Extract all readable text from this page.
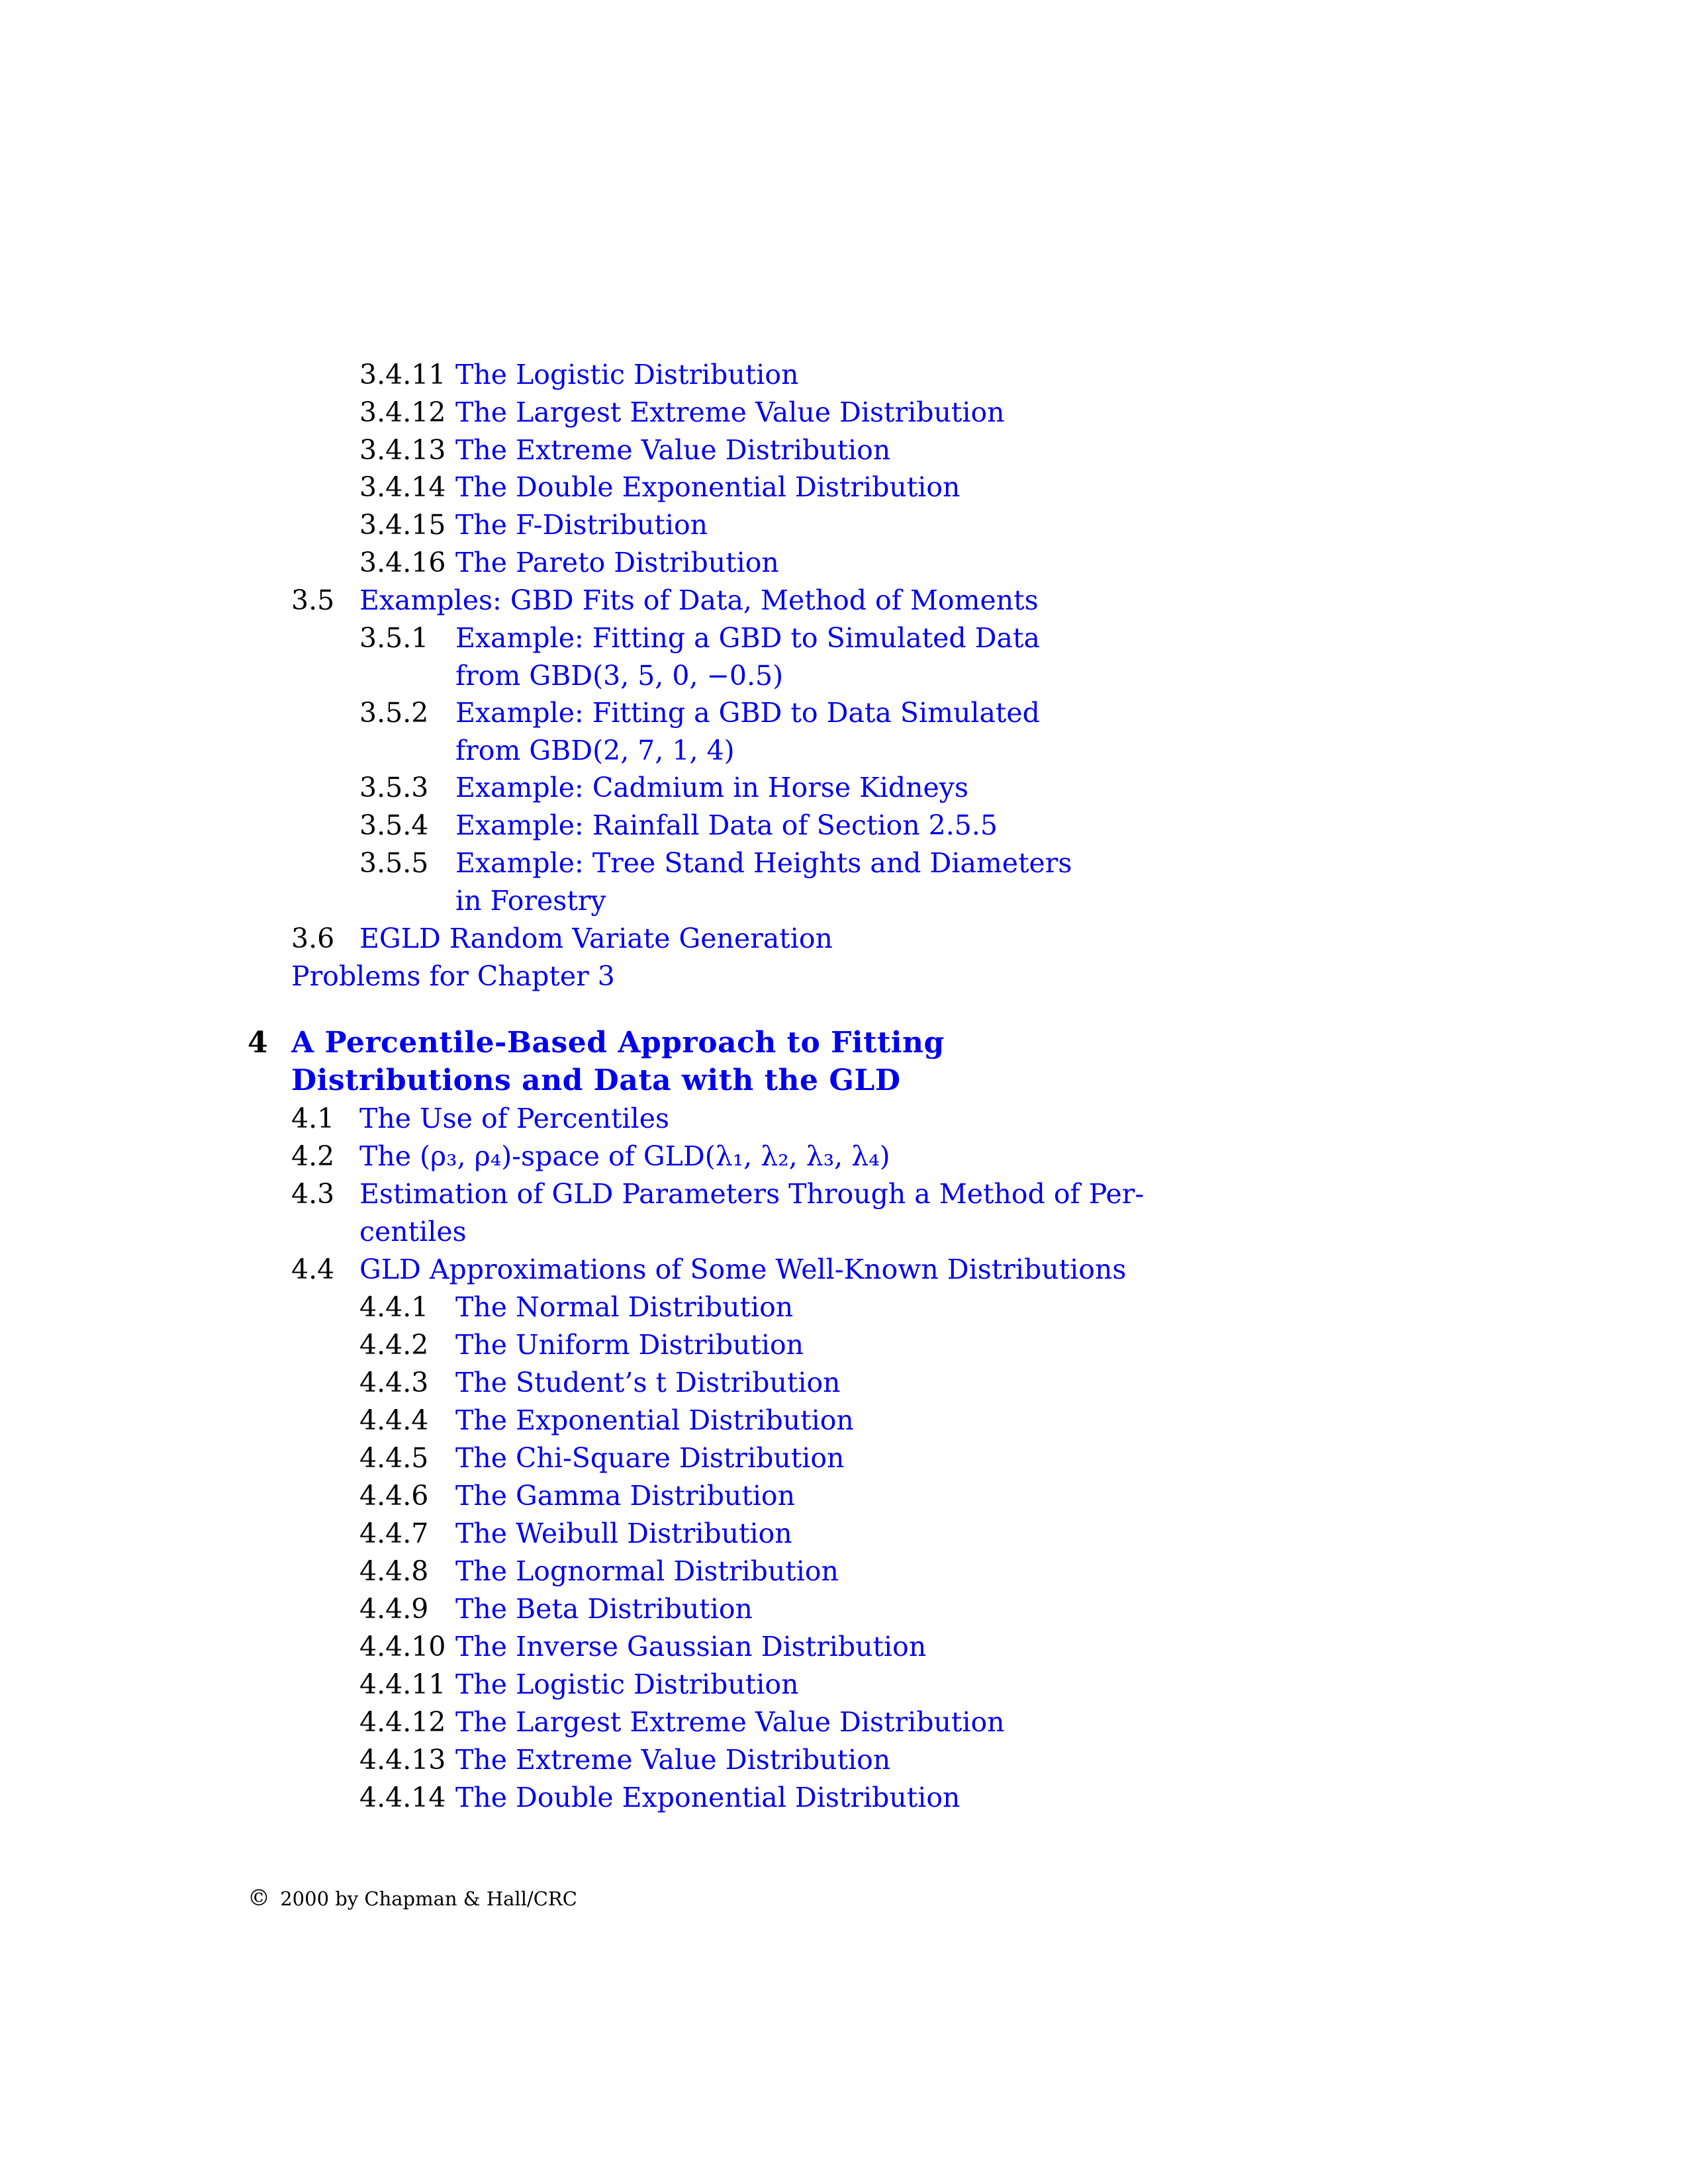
3.4.11 The Logistic Distribution
3.4.12 The Largest Extreme Value Distribution
3.4.13 The Extreme Value Distribution
3.4.14 The Double Exponential Distribution
3.4.15 The F-Distribution
3.4.16 The Pareto Distribution
3.5 Examples: GBD Fits of Data, Method of Moments
3.5.1 Example: Fitting a GBD to Simulated Data
from GBD(3, 5, 0, −0.5)
3.5.2 Example: Fitting a GBD to Data Simulated
from GBD(2, 7, 1, 4)
3.5.3 Example: Cadmium in Horse Kidneys
3.5.4 Example: Rainfall Data of Section 2.5.5
3.5.5 Example: Tree Stand Heights and Diameters
in Forestry
3.6 EGLD Random Variate Generation
Problems for Chapter 3
4 A Percentile-Based Approach to Fitting
Distributions and Data with the GLD
4.1 The Use of Percentiles
4.2 The (ρ₃, ρ₄)-space of GLD(λ₁, λ₂, λ₃, λ₄)
4.3 Estimation of GLD Parameters Through a Method of Per-
centiles
4.4 GLD Approximations of Some Well-Known Distributions
4.4.1 The Normal Distribution
4.4.2 The Uniform Distribution
4.4.3 The Student’s t Distribution
4.4.4 The Exponential Distribution
4.4.5 The Chi-Square Distribution
4.4.6 The Gamma Distribution
4.4.7 The Weibull Distribution
4.4.8 The Lognormal Distribution
4.4.9 The Beta Distribution
4.4.10 The Inverse Gaussian Distribution
4.4.11 The Logistic Distribution
4.4.12 The Largest Extreme Value Distribution
4.4.13 The Extreme Value Distribution
4.4.14 The Double Exponential Distribution
© 2000 by Chapman & Hall/CRC
